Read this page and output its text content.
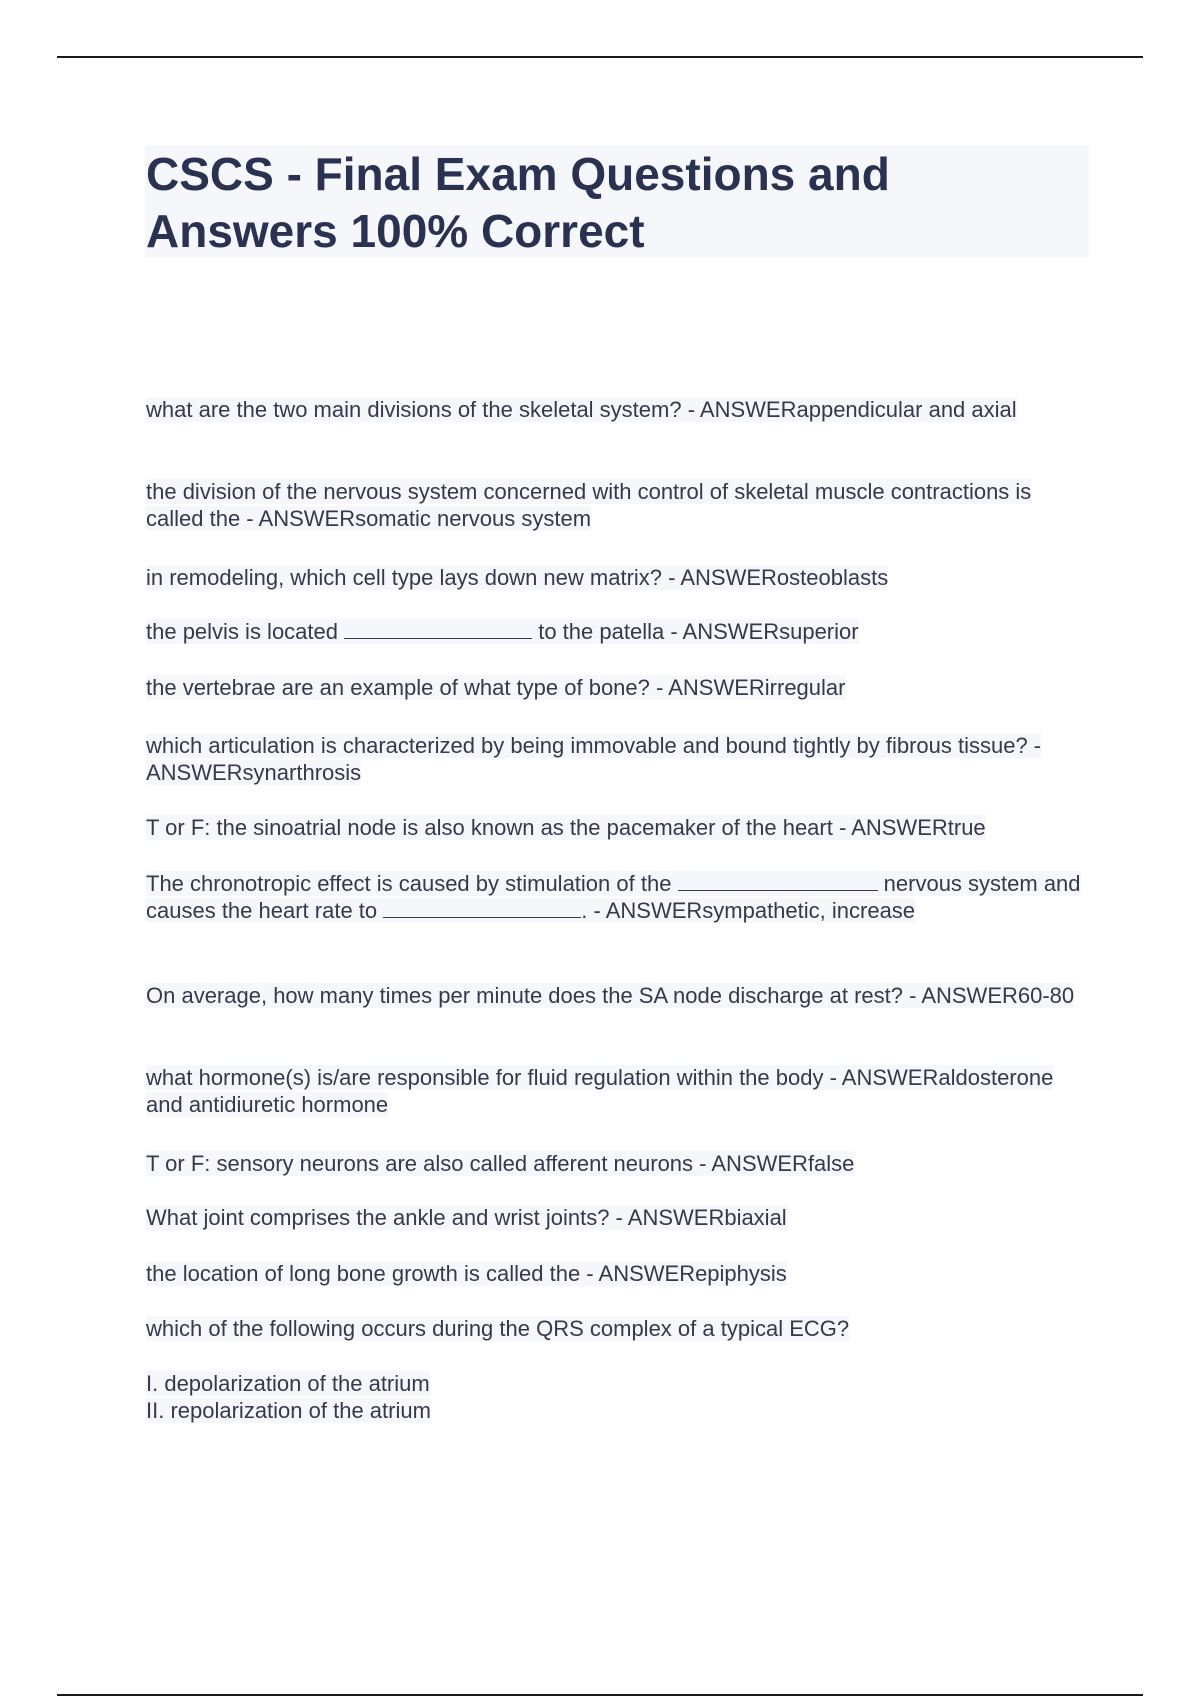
CSCS - Final Exam Questions and Answers 100% Correct

what are the two main divisions of the skeletal system? - ANSWERappendicular and axial

the division of the nervous system concerned with control of skeletal muscle contractions is called the - ANSWERsomatic nervous system

in remodeling, which cell type lays down new matrix? - ANSWERosteoblasts

the pelvis is located	to the patella - ANSWERsuperior

the vertebrae are an example of what type of bone? - ANSWERirregular

which articulation is characterized by being immovable and bound tightly by fibrous tissue? - ANSWERsynarthrosis

T or F: the sinoatrial node is also known as the pacemaker of the heart - ANSWERtrue

The chronotropic effect is caused by stimulation of the	nervous system and causes the heart rate to	. - ANSWERsympathetic, increase

On average, how many times per minute does the SA node discharge at rest? - ANSWER60-80

what hormone(s) is/are responsible for fluid regulation within the body - ANSWERaldosterone and antidiuretic hormone

T or F: sensory neurons are also called afferent neurons - ANSWERfalse

What joint comprises the ankle and wrist joints? - ANSWERbiaxial

the location of long bone growth is called the - ANSWERepiphysis

which of the following occurs during the QRS complex of a typical ECG?

I. depolarization of the atrium
II. repolarization of the atrium
